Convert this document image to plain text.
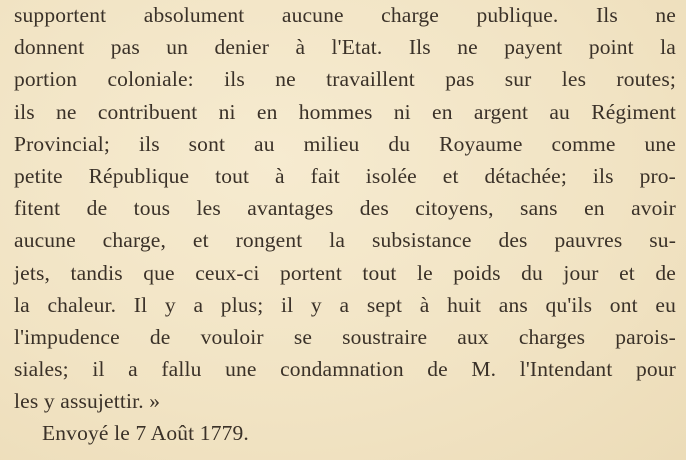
supportent absolument aucune charge publique. Ils ne
donnent pas un denier à l'Etat. Ils ne payent point la
portion coloniale: ils ne travaillent pas sur les routes;
ils ne contribuent ni en hommes ni en argent au Régiment
Provincial; ils sont au milieu du Royaume comme une
petite République tout à fait isolée et détachée; ils pro-
fitent de tous les avantages des citoyens, sans en avoir
aucune charge, et rongent la subsistance des pauvres su-
jets, tandis que ceux-ci portent tout le poids du jour et de
la chaleur. Il y a plus; il y a sept à huit ans qu'ils ont eu
l'impudence de vouloir se soustraire aux charges parois-
siales; il a fallu une condamnation de M. l'Intendant pour
les y assujettir. »
Envoyé le 7 Août 1779.
